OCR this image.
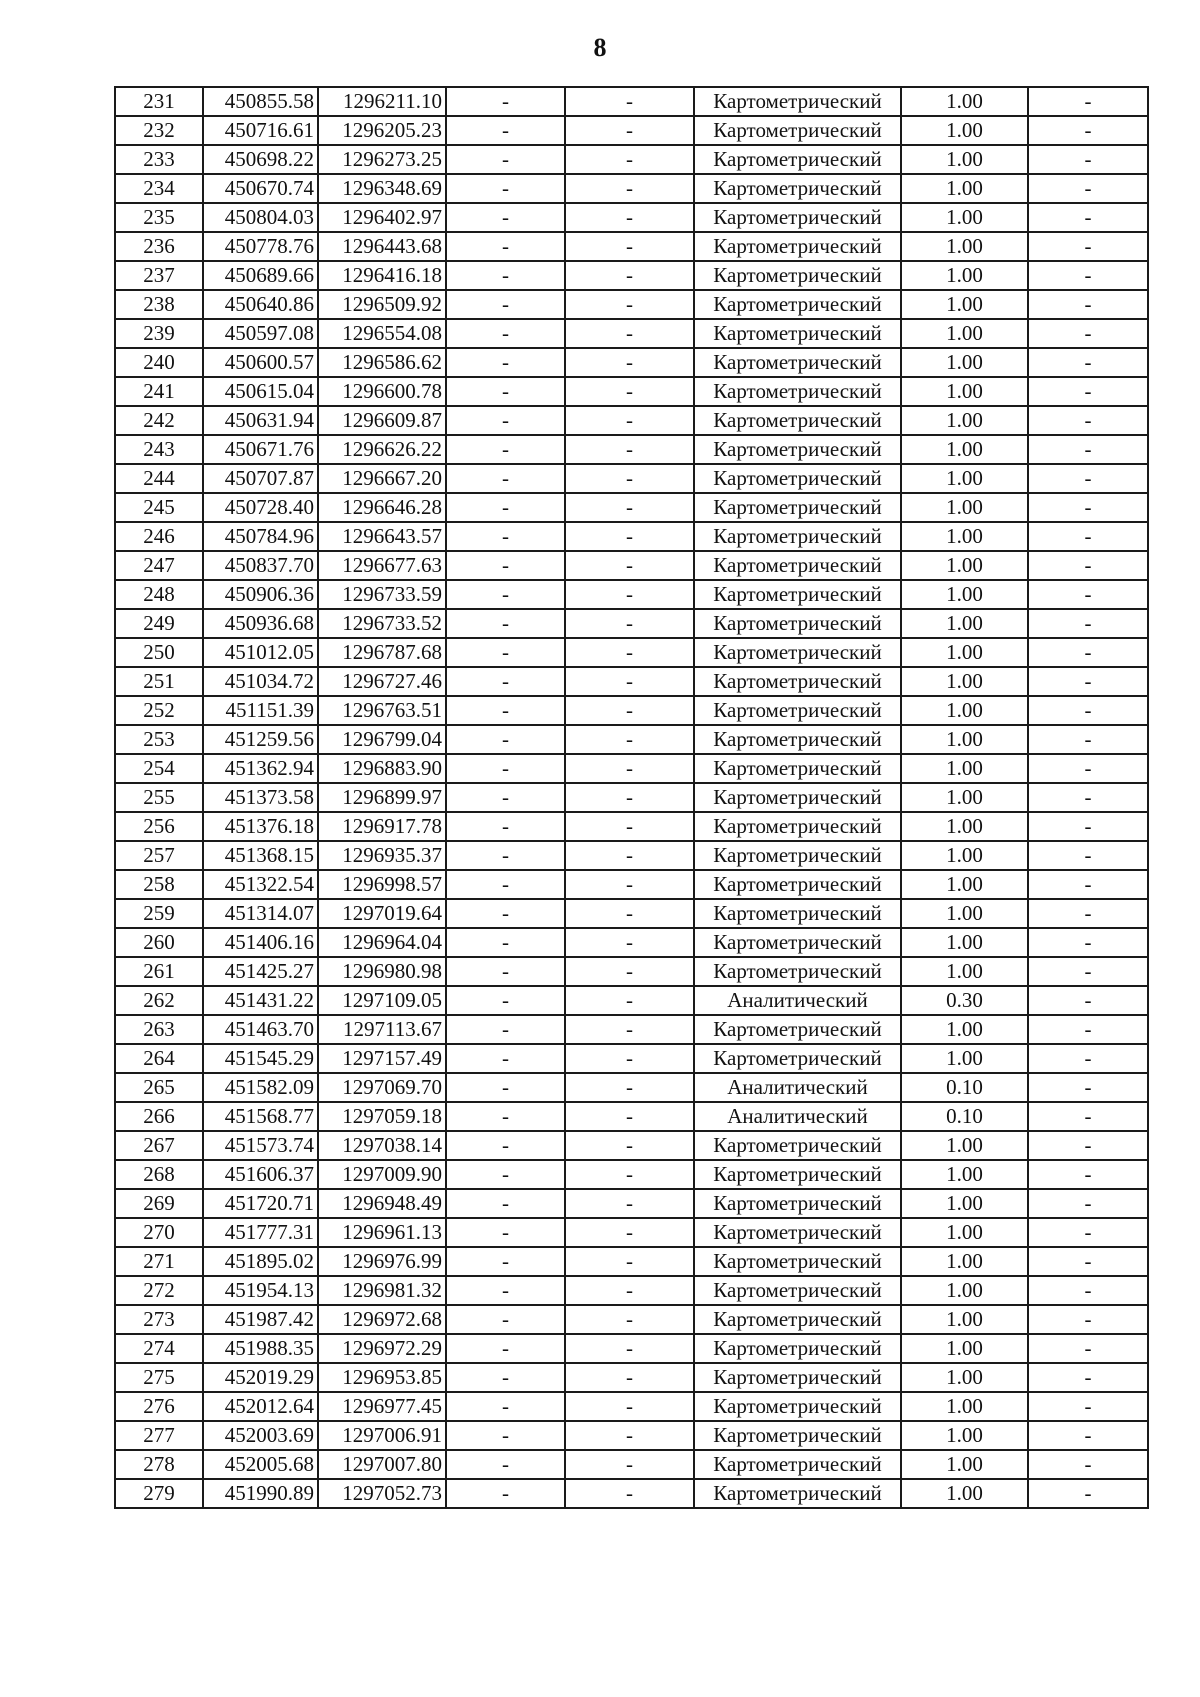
8
231	450855.58	1296211.10	-	-	Картометрический	1.00	-
232	450716.61	1296205.23	-	-	Картометрический	1.00	-
233	450698.22	1296273.25	-	-	Картометрический	1.00	-
234	450670.74	1296348.69	-	-	Картометрический	1.00	-
235	450804.03	1296402.97	-	-	Картометрический	1.00	-
236	450778.76	1296443.68	-	-	Картометрический	1.00	-
237	450689.66	1296416.18	-	-	Картометрический	1.00	-
238	450640.86	1296509.92	-	-	Картометрический	1.00	-
239	450597.08	1296554.08	-	-	Картометрический	1.00	-
240	450600.57	1296586.62	-	-	Картометрический	1.00	-
241	450615.04	1296600.78	-	-	Картометрический	1.00	-
242	450631.94	1296609.87	-	-	Картометрический	1.00	-
243	450671.76	1296626.22	-	-	Картометрический	1.00	-
244	450707.87	1296667.20	-	-	Картометрический	1.00	-
245	450728.40	1296646.28	-	-	Картометрический	1.00	-
246	450784.96	1296643.57	-	-	Картометрический	1.00	-
247	450837.70	1296677.63	-	-	Картометрический	1.00	-
248	450906.36	1296733.59	-	-	Картометрический	1.00	-
249	450936.68	1296733.52	-	-	Картометрический	1.00	-
250	451012.05	1296787.68	-	-	Картометрический	1.00	-
251	451034.72	1296727.46	-	-	Картометрический	1.00	-
252	451151.39	1296763.51	-	-	Картометрический	1.00	-
253	451259.56	1296799.04	-	-	Картометрический	1.00	-
254	451362.94	1296883.90	-	-	Картометрический	1.00	-
255	451373.58	1296899.97	-	-	Картометрический	1.00	-
256	451376.18	1296917.78	-	-	Картометрический	1.00	-
257	451368.15	1296935.37	-	-	Картометрический	1.00	-
258	451322.54	1296998.57	-	-	Картометрический	1.00	-
259	451314.07	1297019.64	-	-	Картометрический	1.00	-
260	451406.16	1296964.04	-	-	Картометрический	1.00	-
261	451425.27	1296980.98	-	-	Картометрический	1.00	-
262	451431.22	1297109.05	-	-	Аналитический	0.30	-
263	451463.70	1297113.67	-	-	Картометрический	1.00	-
264	451545.29	1297157.49	-	-	Картометрический	1.00	-
265	451582.09	1297069.70	-	-	Аналитический	0.10	-
266	451568.77	1297059.18	-	-	Аналитический	0.10	-
267	451573.74	1297038.14	-	-	Картометрический	1.00	-
268	451606.37	1297009.90	-	-	Картометрический	1.00	-
269	451720.71	1296948.49	-	-	Картометрический	1.00	-
270	451777.31	1296961.13	-	-	Картометрический	1.00	-
271	451895.02	1296976.99	-	-	Картометрический	1.00	-
272	451954.13	1296981.32	-	-	Картометрический	1.00	-
273	451987.42	1296972.68	-	-	Картометрический	1.00	-
274	451988.35	1296972.29	-	-	Картометрический	1.00	-
275	452019.29	1296953.85	-	-	Картометрический	1.00	-
276	452012.64	1296977.45	-	-	Картометрический	1.00	-
277	452003.69	1297006.91	-	-	Картометрический	1.00	-
278	452005.68	1297007.80	-	-	Картометрический	1.00	-
279	451990.89	1297052.73	-	-	Картометрический	1.00	-
